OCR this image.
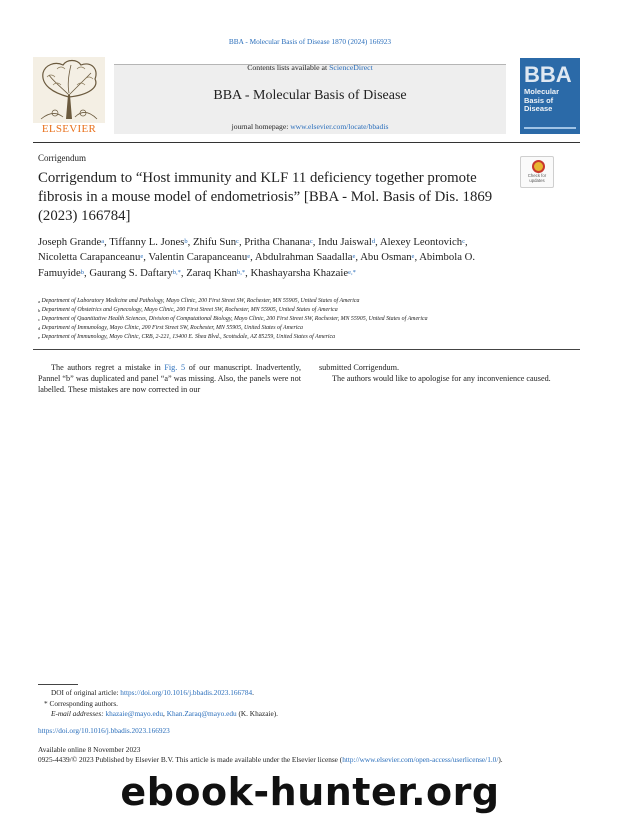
BBA - Molecular Basis of Disease 1870 (2024) 166923
ELSEVIER
Contents lists available at ScienceDirect
BBA - Molecular Basis of Disease
journal homepage: www.elsevier.com/locate/bbadis
BBA
Molecular
Basis of
Disease
Corrigendum
Check for
updates
Corrigendum to “Host immunity and KLF 11 deficiency together promote fibrosis in a mouse model of endometriosis” [BBA - Mol. Basis of Dis. 1869 (2023) 166784]
Joseph Grande$^a$, Tiffanny L. Jones$^b$, Zhifu Sun$^c$, Pritha Chanana$^c$, Indu Jaiswal$^d$, Alexey Leontovich$^c$, Nicoletta Carapanceanu$^e$, Valentin Carapanceanu$^e$, Abdulrahman Saadalla$^e$, Abu Osman$^e$, Abimbola O. Famuyide$^b$, Gaurang S. Daftary$^{b,*}$, Zaraq Khan$^{b,*}$, Khashayarsha Khazaie$^{e,*}$
$^a$ Department of Laboratory Medicine and Pathology, Mayo Clinic, 200 First Street SW, Rochester, MN 55905, United States of America
$^b$ Department of Obstetrics and Gynecology, Mayo Clinic, 200 First Street SW, Rochester, MN 55905, United States of America
$^c$ Department of Quantitative Health Sciences, Division of Computational Biology, Mayo Clinic, 200 First Street SW, Rochester, MN 55905, United States of America
$^d$ Department of Immunology, Mayo Clinic, 200 First Street SW, Rochester, MN 55905, United States of America
$^e$ Department of Immunology, Mayo Clinic, CRB, 2-221, 13400 E. Shea Blvd., Scottsdale, AZ 85259, United States of America
The authors regret a mistake in Fig. 5 of our manuscript. Inadvertently, Pannel “b” was duplicated and panel “a” was missing. Also, the panels were not labelled. These mistakes are now corrected in our
submitted Corrigendum.
The authors would like to apologise for any inconvenience caused.
DOI of original article: https://doi.org/10.1016/j.bbadis.2023.166784.
* Corresponding authors.
E-mail addresses: khazaie@mayo.edu, Khan.Zaraq@mayo.edu (K. Khazaie).
https://doi.org/10.1016/j.bbadis.2023.166923
Available online 8 November 2023
0925-4439/© 2023 Published by Elsevier B.V. This article is made available under the Elsevier license (http://www.elsevier.com/open-access/userlicense/1.0/).
ebook-hunter.org
